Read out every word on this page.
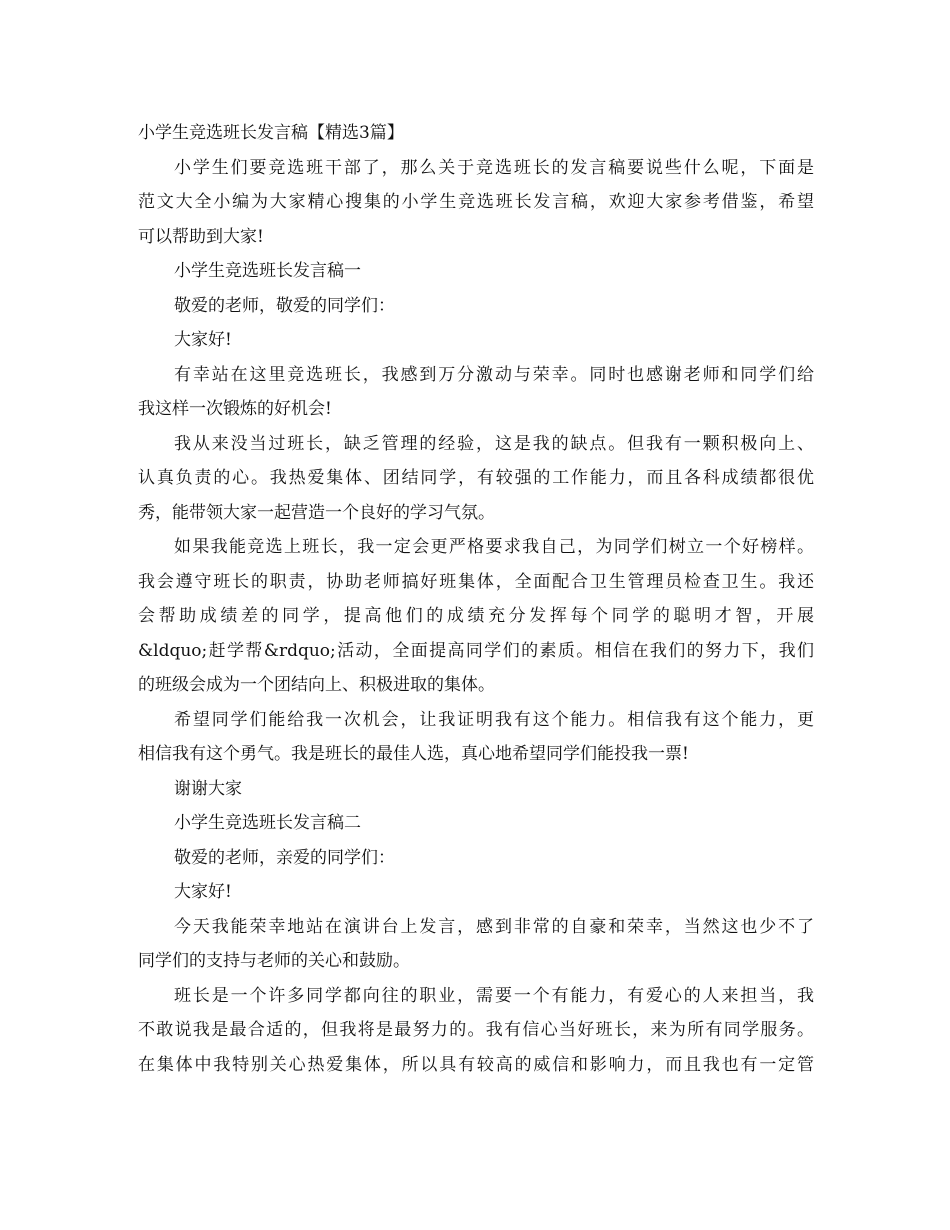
小学生竞选班长发言稿【精选3篇】
小学生们要竞选班干部了，那么关于竞选班长的发言稿要说些什么呢，下面是
范文大全小编为大家精心搜集的小学生竞选班长发言稿，欢迎大家参考借鉴，希望
可以帮助到大家!
小学生竞选班长发言稿一
敬爱的老师，敬爱的同学们：
大家好!
有幸站在这里竞选班长，我感到万分激动与荣幸。同时也感谢老师和同学们给
我这样一次锻炼的好机会!
我从来没当过班长，缺乏管理的经验，这是我的缺点。但我有一颗积极向上、
认真负责的心。我热爱集体、团结同学，有较强的工作能力，而且各科成绩都很优
秀，能带领大家一起营造一个良好的学习气氛。
如果我能竞选上班长，我一定会更严格要求我自己，为同学们树立一个好榜样。
我会遵守班长的职责，协助老师搞好班集体，全面配合卫生管理员检查卫生。我还
会帮助成绩差的同学，提高他们的成绩充分发挥每个同学的聪明才智，开展
&ldquo;赶学帮&rdquo;活动，全面提高同学们的素质。相信在我们的努力下，我们
的班级会成为一个团结向上、积极进取的集体。
希望同学们能给我一次机会，让我证明我有这个能力。相信我有这个能力，更
相信我有这个勇气。我是班长的最佳人选，真心地希望同学们能投我一票!
谢谢大家
小学生竞选班长发言稿二
敬爱的老师，亲爱的同学们：
大家好!
今天我能荣幸地站在演讲台上发言，感到非常的自豪和荣幸，当然这也少不了
同学们的支持与老师的关心和鼓励。
班长是一个许多同学都向往的职业，需要一个有能力，有爱心的人来担当，我
不敢说我是最合适的，但我将是最努力的。我有信心当好班长，来为所有同学服务。
在集体中我特别关心热爱集体，所以具有较高的威信和影响力，而且我也有一定管
